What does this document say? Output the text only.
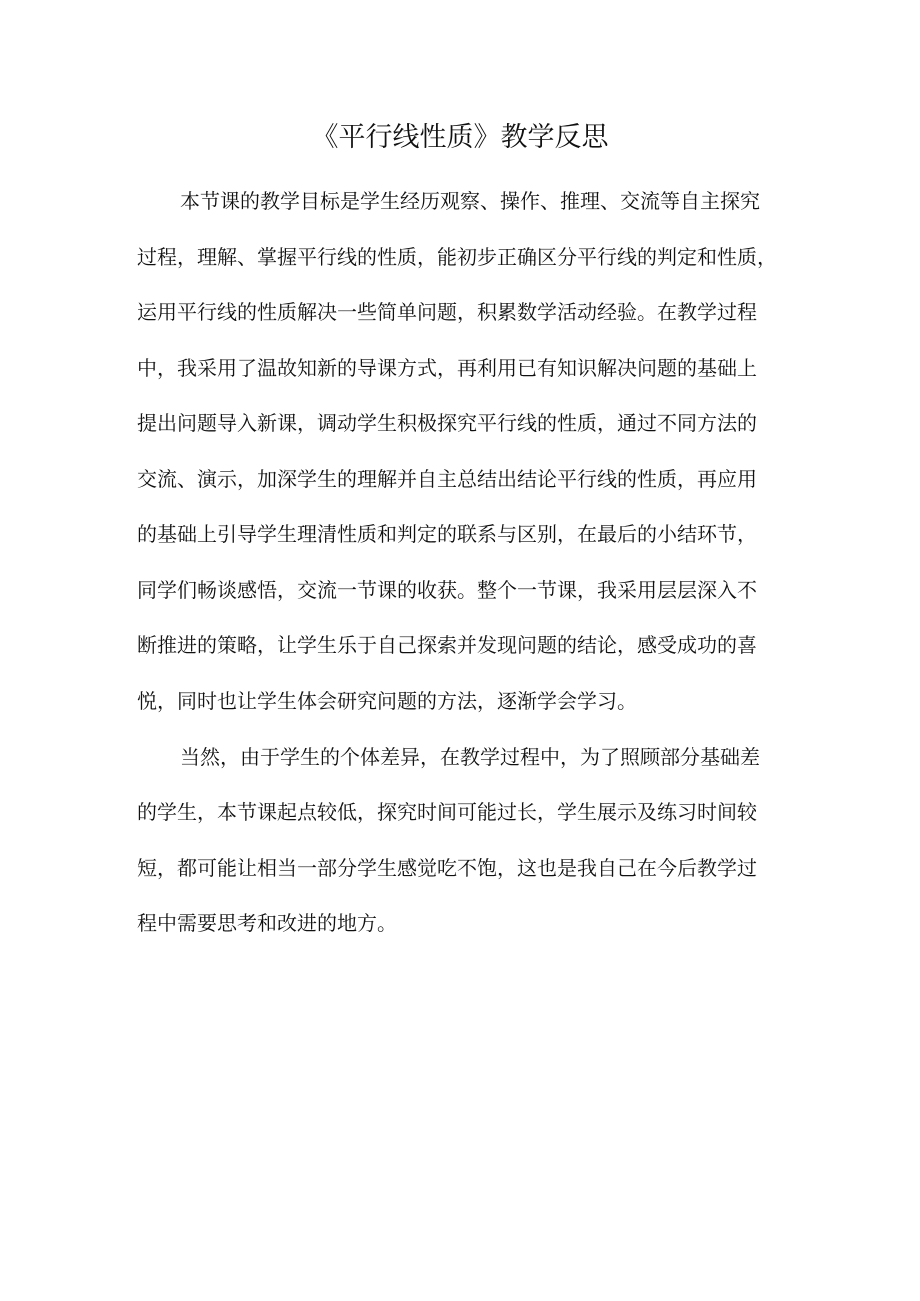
《平行线性质》教学反思

本节课的教学目标是学生经历观察、操作、推理、交流等自主探究

过程，理解、掌握平行线的性质，能初步正确区分平行线的判定和性质，

运用平行线的性质解决一些简单问题，积累数学活动经验。在教学过程

中，我采用了温故知新的导课方式，再利用已有知识解决问题的基础上

提出问题导入新课，调动学生积极探究平行线的性质，通过不同方法的

交流、演示，加深学生的理解并自主总结出结论平行线的性质，再应用

的基础上引导学生理清性质和判定的联系与区别，在最后的小结环节，

同学们畅谈感悟，交流一节课的收获。整个一节课，我采用层层深入不

断推进的策略，让学生乐于自己探索并发现问题的结论，感受成功的喜

悦，同时也让学生体会研究问题的方法，逐渐学会学习。

当然，由于学生的个体差异，在教学过程中，为了照顾部分基础差

的学生，本节课起点较低，探究时间可能过长，学生展示及练习时间较

短，都可能让相当一部分学生感觉吃不饱，这也是我自己在今后教学过

程中需要思考和改进的地方。
